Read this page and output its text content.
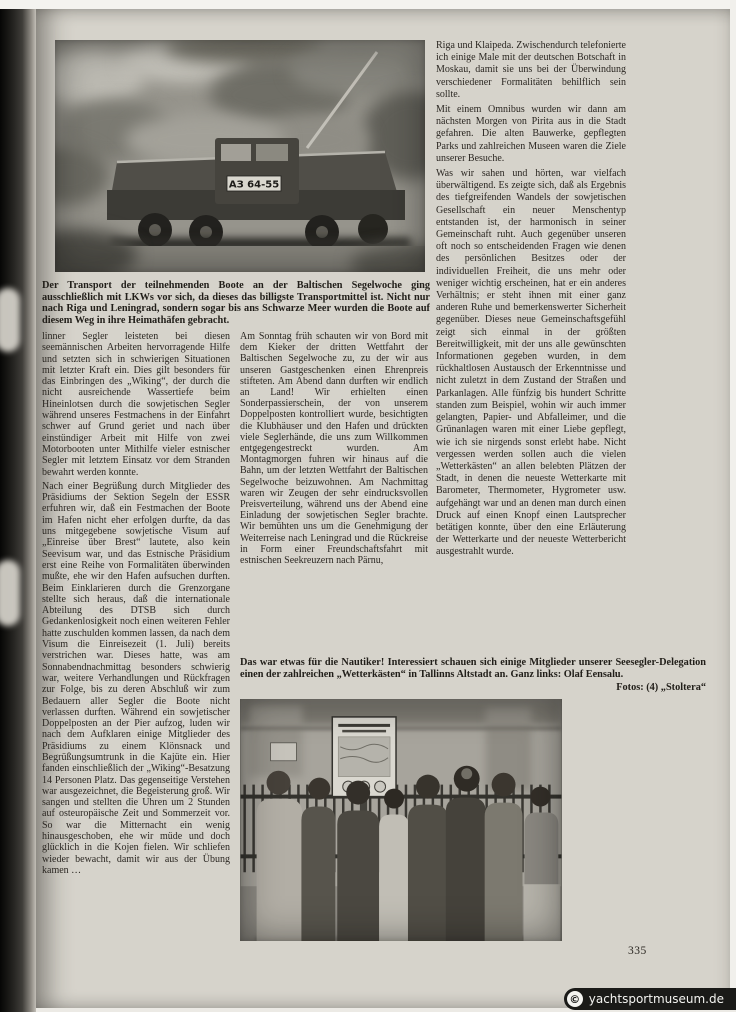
АЗ 64-55

Riga und Klaipeda. Zwischendurch telefonierte ich einige Male mit der deutschen Botschaft in Moskau, damit sie uns bei der Überwindung verschiedener Formalitäten behilflich sein sollte.

Mit einem Omnibus wurden wir dann am nächsten Morgen von Pirita aus in die Stadt gefahren. Die alten Bauwerke, gepflegten Parks und zahlreichen Museen waren die Ziele unserer Besuche.

Was wir sahen und hörten, war vielfach überwältigend. Es zeigte sich, daß als Ergebnis des tiefgreifenden Wandels der sowjetischen Gesellschaft ein neuer Menschentyp entstanden ist, der harmonisch in seiner Gemeinschaft ruht. Auch gegenüber unseren oft noch so entscheidenden Fragen wie denen des persönlichen Besitzes oder der individuellen Freiheit, die uns mehr oder weniger wichtig erscheinen, hat er ein anderes Verhältnis; er steht ihnen mit einer ganz anderen Ruhe und bemerkenswerter Sicherheit gegenüber. Dieses neue Gemeinschaftsgefühl zeigt sich einmal in der größten Bereitwilligkeit, mit der uns alle gewünschten Informationen gegeben wurden, in dem rückhaltlosen Austausch der Erkenntnisse und nicht zuletzt in dem Zustand der Straßen und Parkanlagen. Alle fünfzig bis hundert Schritte standen zum Beispiel, wohin wir auch immer gelangten, Papier- und Abfalleimer, und die Grünanlagen waren mit einer Liebe gepflegt, wie ich sie nirgends sonst erlebt habe. Nicht vergessen werden sollen auch die vielen „Wetterkästen“ an allen belebten Plätzen der Stadt, in denen die neueste Wetterkarte mit Barometer, Thermometer, Hygrometer usw. aufgehängt war und an denen man durch einen Druck auf einen Knopf einen Lautsprecher betätigen konnte, über den eine Erläuterung der Wetterkarte und der neueste Wetterbericht ausgestrahlt wurde.

Der Transport der teilnehmenden Boote an der Baltischen Segelwoche ging ausschließlich mit LKWs vor sich, da dieses das billigste Transportmittel ist. Nicht nur nach Riga und Leningrad, sondern sogar bis ans Schwarze Meer wurden die Boote auf diesem Weg in ihre Heimathäfen gebracht.

linner Segler leisteten bei diesen seemännischen Arbeiten hervorragende Hilfe und setzten sich in schwierigen Situationen mit letzter Kraft ein. Dies gilt besonders für das Einbringen des „Wiking“, der durch die nicht ausreichende Wassertiefe beim Hineinlotsen durch die sowjetischen Segler während unseres Festmachens in der Einfahrt schwer auf Grund geriet und nach über einstündiger Arbeit mit Hilfe von zwei Motorbooten unter Mithilfe vieler estnischer Segler mit letztem Einsatz vor dem Stranden bewahrt werden konnte.

Nach einer Begrüßung durch Mitglieder des Präsidiums der Sektion Segeln der ESSR erfuhren wir, daß ein Festmachen der Boote im Hafen nicht eher erfolgen durfte, da das uns mitgegebene sowjetische Visum auf „Einreise über Brest“ lautete, also kein Seevisum war, und das Estnische Präsidium erst eine Reihe von Formalitäten überwinden mußte, ehe wir den Hafen aufsuchen durften. Beim Einklarieren durch die Grenzorgane stellte sich heraus, daß die internationale Abteilung des DTSB sich durch Gedankenlosigkeit noch einen weiteren Fehler hatte zuschulden kommen lassen, da nach dem Visum die Einreisezeit (1. Juli) bereits verstrichen war. Dieses hatte, was am Sonnabendnachmittag besonders schwierig war, weitere Verhandlungen und Rückfragen zur Folge, bis zu deren Abschluß wir zum Bedauern aller Segler die Boote nicht verlassen durften. Während ein sowjetischer Doppelposten an der Pier aufzog, luden wir nach dem Aufklaren einige Mitglieder des Präsidiums zu einem Klönsnack und Begrüßungsumtrunk in die Kajüte ein. Hier fanden einschließlich der „Wiking“-Besatzung 14 Personen Platz. Das gegenseitige Verstehen war ausgezeichnet, die Begeisterung groß. Wir sangen und stellten die Uhren um 2 Stunden auf osteuropäische Zeit und Sommerzeit vor. So war die Mitternacht ein wenig hinausgeschoben, ehe wir müde und doch glücklich in die Kojen fielen. Wir schliefen wieder bewacht, damit wir aus der Übung kamen …

Am Sonntag früh schauten wir von Bord mit dem Kieker der dritten Wettfahrt der Baltischen Segelwoche zu, zu der wir aus unseren Gastgeschenken einen Ehrenpreis stifteten. Am Abend dann durften wir endlich an Land! Wir erhielten einen Sonderpassierschein, der von unserem Doppelposten kontrolliert wurde, besichtigten die Klubhäuser und den Hafen und drückten viele Seglerhände, die uns zum Willkommen entgegengestreckt wurden. Am Montagmorgen fuhren wir hinaus auf die Bahn, um der letzten Wettfahrt der Baltischen Segelwoche beizuwohnen. Am Nachmittag waren wir Zeugen der sehr eindrucksvollen Preisverteilung, während uns der Abend eine Einladung der sowjetischen Segler brachte. Wir bemühten uns um die Genehmigung der Weiterreise nach Leningrad und die Rückreise in Form einer Freundschaftsfahrt mit estnischen Seekreuzern nach Pärnu,

Das war etwas für die Nautiker! Interessiert schauen sich einige Mitglieder unserer Seesegler-Delegation einen der zahlreichen „Wetterkästen“ in Tallinns Altstadt an. Ganz links: Olaf Eensalu.
Fotos: (4) „Stoltera“
335
© yachtsportmuseum.de
